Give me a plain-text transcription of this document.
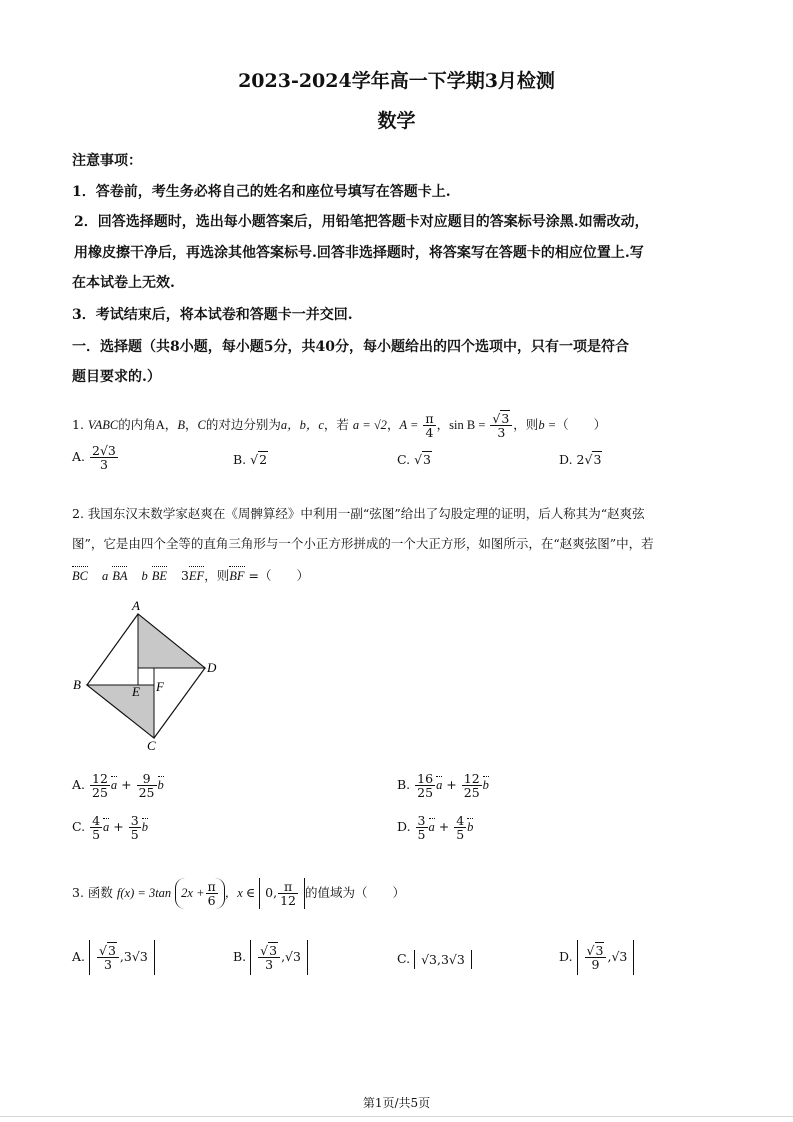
2023-2024学年高一下学期3月检测
数学
注意事项：
1．答卷前，考生务必将自己的姓名和座位号填写在答题卡上.
2．回答选择题时，选出每小题答案后，用铅笔把答题卡对应题目的答案标号涂黑.如需改动，
用橡皮擦干净后，再选涂其他答案标号.回答非选择题时，将答案写在答题卡的相应位置上.写
在本试卷上无效.
3．考试结束后，将本试卷和答题卡一并交回.
一．选择题（共8小题，每小题5分，共40分，每小题给出的四个选项中，只有一项是符合
题目要求的.）
1. VABC的内角A，B，C的对边分别为a，b，c，若 a = √2，$A = \frac{\pi}{4}$ ，$\sin B = \frac{√3}{3}$ ，则b =（　　）
A. $\frac{2√3}{3}$	B. √2	C. √3	D. 2√3
2. 我国东汉末数学家赵爽在《周髀算经》中利用一副“弦图”给出了勾股定理的证明，后人称其为“赵爽弦
图”，它是由四个全等的直角三角形与一个小正方形拼成的一个大正方形，如图所示，在“赵爽弦图”中，若
BC a BA b BE 3EF，则BF =（　　）
A
B
C
D
E F
A. $\frac{12}{25}$ $a + \frac{9}{25}$ b	B. $\frac{16}{25}$ $a + \frac{12}{25}$ b
C. $\frac{4}{5}$ $a + \frac{3}{5}$ b	D. $\frac{3}{5}$ $a + \frac{4}{5}$ b
3. 函数 f(x) = 3tan $2x + \frac{\pi}{6}$ ，x ∈ 0, $\frac{\pi}{12}$ 的值域为（　　）
A. $\frac{√3}{3} ,3√3$	B. $\frac{√3}{3} ,√3$	C. √3,3√3	D. $\frac{√3}{9} ,√3$
第1页/共5页
